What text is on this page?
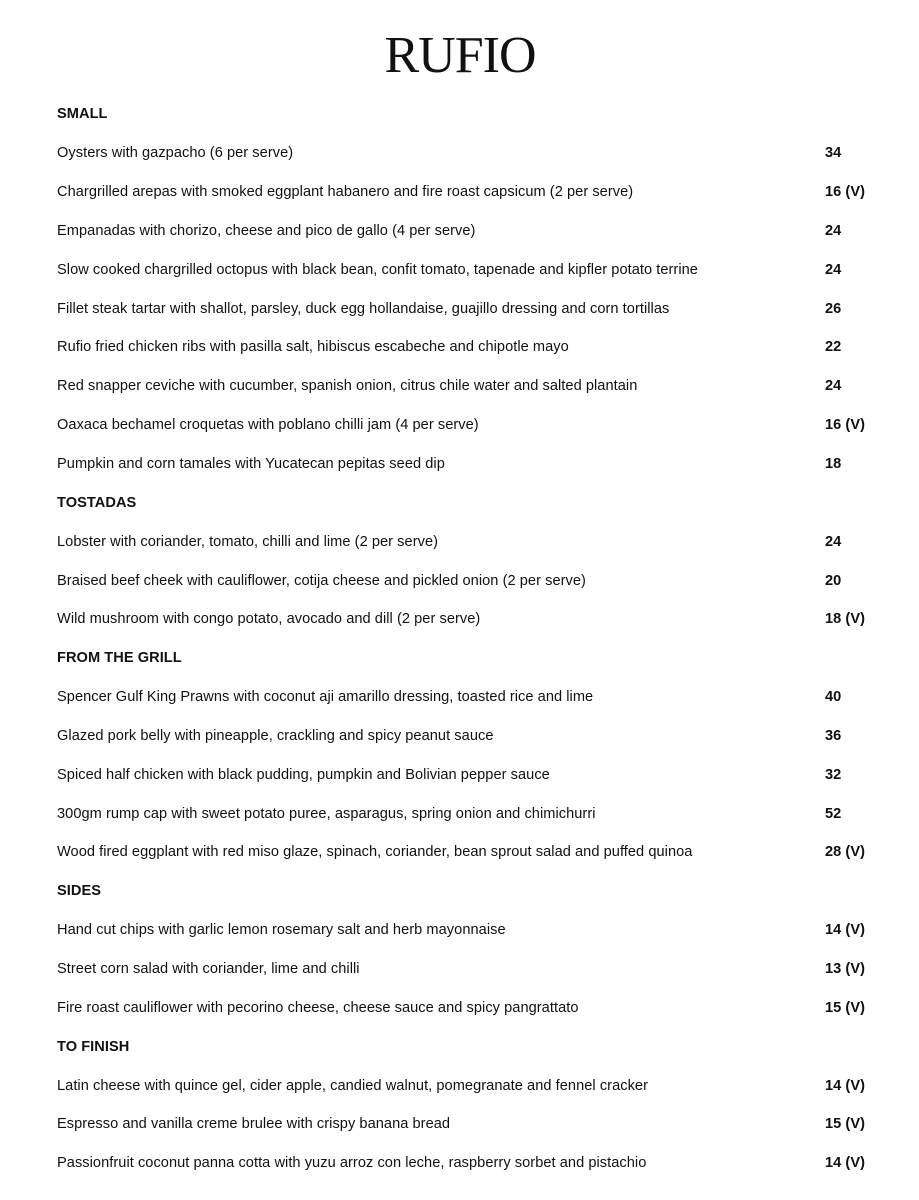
RUFIO
SMALL
Oysters with gazpacho (6 per serve)	34
Chargrilled arepas with smoked eggplant habanero and fire roast capsicum (2 per serve)	16 (V)
Empanadas with chorizo, cheese and pico de gallo (4 per serve)	24
Slow cooked chargrilled octopus with black bean, confit tomato, tapenade and kipfler potato terrine	24
Fillet steak tartar with shallot, parsley, duck egg hollandaise, guajillo dressing and corn tortillas	26
Rufio fried chicken ribs with pasilla salt, hibiscus escabeche and chipotle mayo	22
Red snapper ceviche with cucumber, spanish onion, citrus chile water and salted plantain	24
Oaxaca bechamel croquetas with poblano chilli jam (4 per serve)	16 (V)
Pumpkin and corn tamales with Yucatecan pepitas seed dip	18
TOSTADAS
Lobster with coriander, tomato, chilli and lime (2 per serve)	24
Braised beef cheek with cauliflower, cotija cheese and pickled onion (2 per serve)	20
Wild mushroom with congo potato, avocado and dill (2 per serve)	18 (V)
FROM THE GRILL
Spencer Gulf King Prawns with coconut aji amarillo dressing, toasted rice and lime	40
Glazed pork belly with pineapple, crackling and spicy peanut sauce	36
Spiced half chicken with black pudding, pumpkin and Bolivian pepper sauce	32
300gm rump cap with sweet potato puree, asparagus, spring onion and chimichurri	52
Wood fired eggplant with red miso glaze, spinach, coriander, bean sprout salad and puffed quinoa	28 (V)
SIDES
Hand cut chips with garlic lemon rosemary salt and herb mayonnaise	14 (V)
Street corn salad with coriander, lime and chilli	13 (V)
Fire roast cauliflower with pecorino cheese, cheese sauce and spicy pangrattato	15 (V)
TO FINISH
Latin cheese with quince gel, cider apple, candied walnut, pomegranate and fennel cracker	14 (V)
Espresso and vanilla creme brulee with crispy banana bread	15 (V)
Passionfruit coconut panna cotta with yuzu arroz con leche, raspberry sorbet and pistachio	14 (V)
